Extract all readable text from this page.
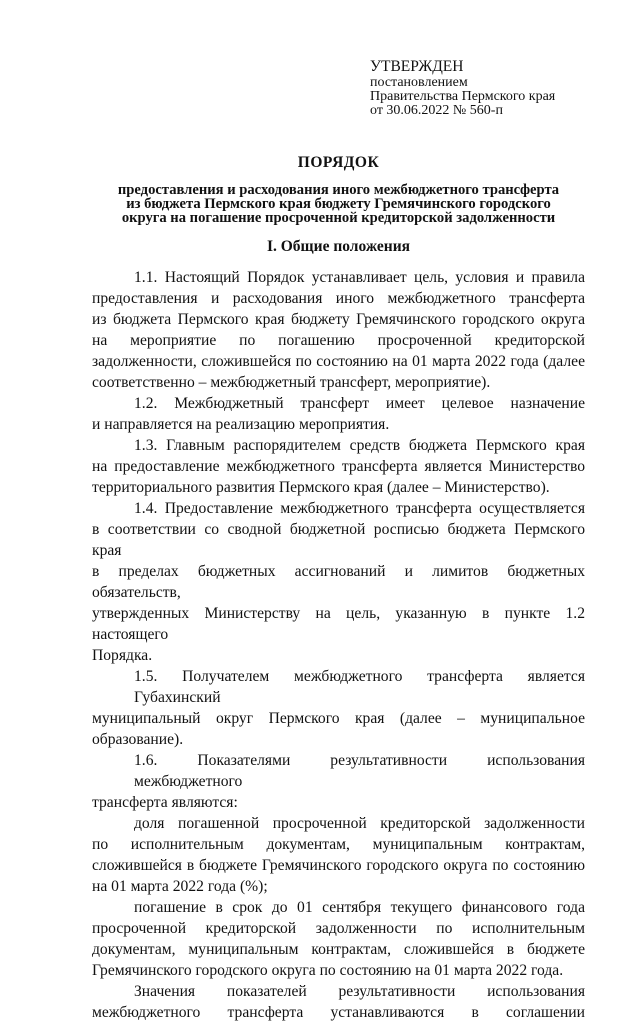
УТВЕРЖДЕН
постановлением
Правительства Пермского края
от 30.06.2022 № 560-п
ПОРЯДОК
предоставления и расходования иного межбюджетного трансферта
из бюджета Пермского края бюджету Гремячинского городского
округа на погашение просроченной кредиторской задолженности
I. Общие положения
1.1. Настоящий Порядок устанавливает цель, условия и правила
предоставления и расходования иного межбюджетного трансферта
из бюджета Пермского края бюджету Гремячинского городского округа
на мероприятие по погашению просроченной кредиторской
задолженности, сложившейся по состоянию на 01 марта 2022 года (далее
соответственно – межбюджетный трансферт, мероприятие).
1.2. Межбюджетный трансферт имеет целевое назначение
и направляется на реализацию мероприятия.
1.3. Главным распорядителем средств бюджета Пермского края
на предоставление межбюджетного трансферта является Министерство
территориального развития Пермского края (далее – Министерство).
1.4. Предоставление межбюджетного трансферта осуществляется
в соответствии со сводной бюджетной росписью бюджета Пермского края
в пределах бюджетных ассигнований и лимитов бюджетных обязательств,
утвержденных Министерству на цель, указанную в пункте 1.2 настоящего
Порядка.
1.5. Получателем межбюджетного трансферта является Губахинский
муниципальный округ Пермского края (далее – муниципальное
образование).
1.6. Показателями результативности использования межбюджетного
трансферта являются:
доля погашенной просроченной кредиторской задолженности
по исполнительным документам, муниципальным контрактам,
сложившейся в бюджете Гремячинского городского округа по состоянию
на 01 марта 2022 года (%);
погашение в срок до 01 сентября текущего финансового года
просроченной кредиторской задолженности по исполнительным
документам, муниципальным контрактам, сложившейся в бюджете
Гремячинского городского округа по состоянию на 01 марта 2022 года.
Значения показателей результативности использования
межбюджетного трансферта устанавливаются в соглашении
